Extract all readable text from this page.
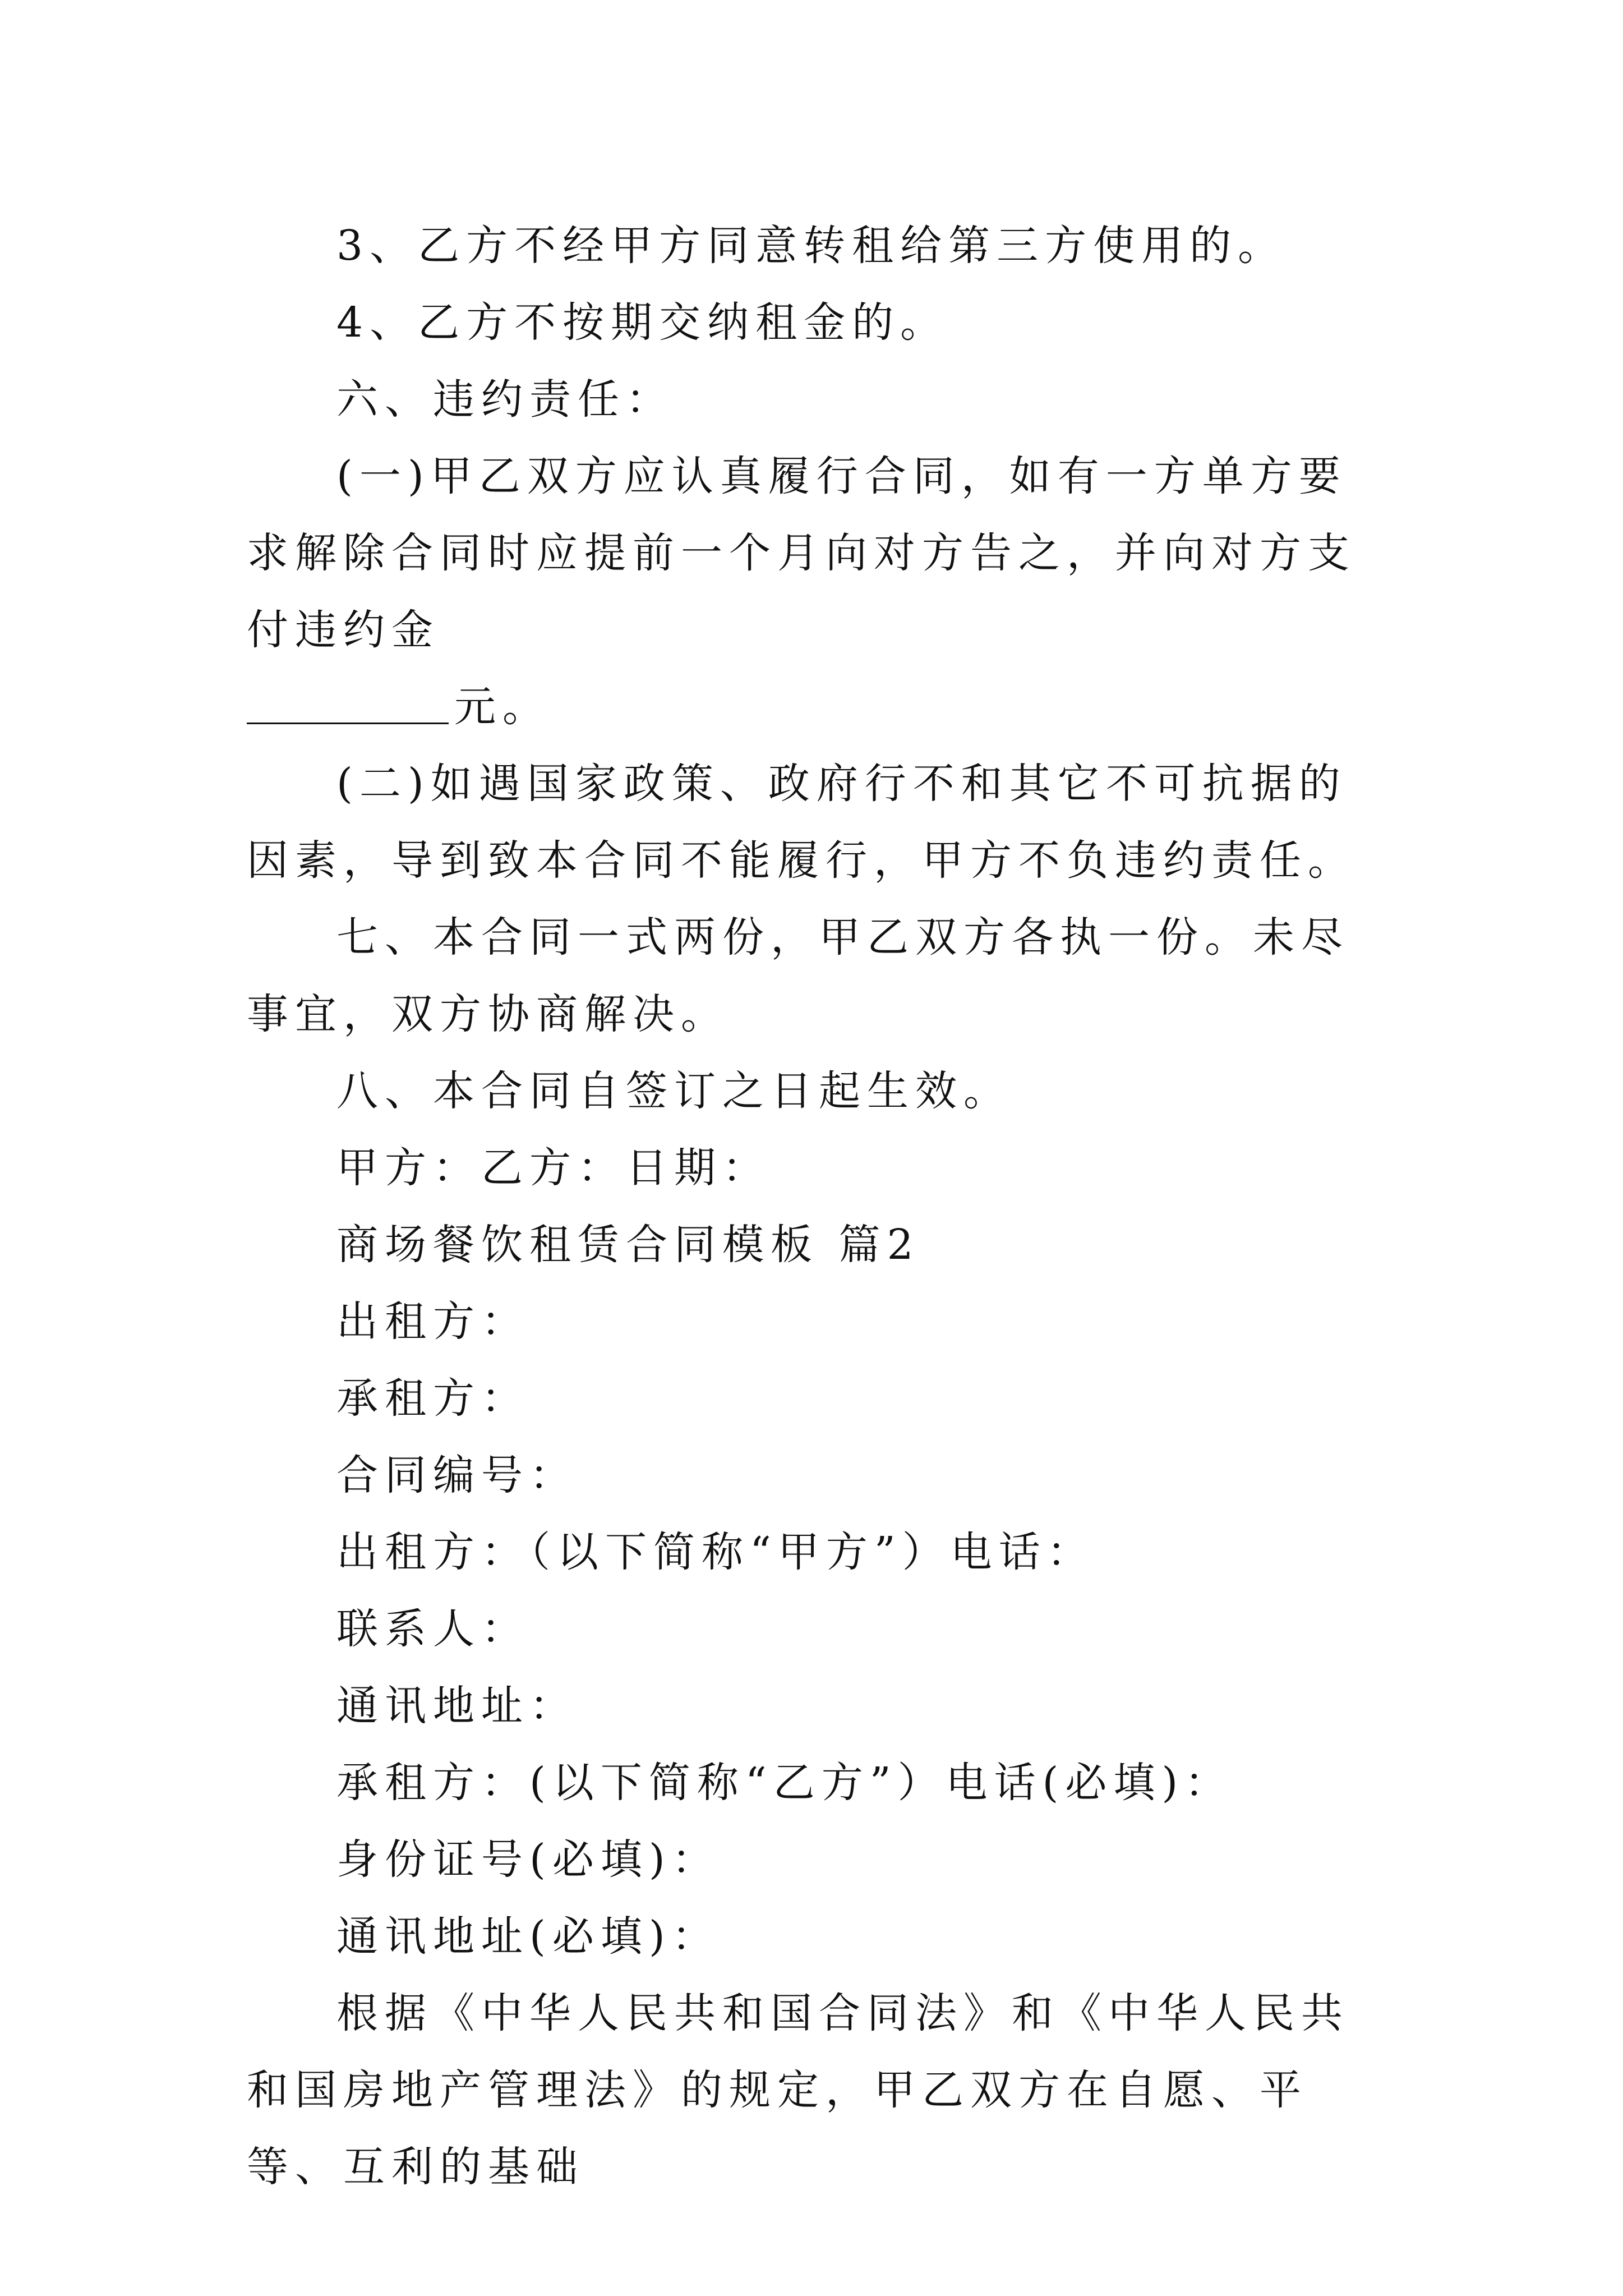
3、乙方不经甲方同意转租给第三方使用的。

4、乙方不按期交纳租金的。

六、违约责任：

(一)甲乙双方应认真履行合同，如有一方单方要求解除合同时应提前一个月向对方告之，并向对方支付违约金

元。

(二)如遇国家政策、政府行不和其它不可抗据的因素，导到致本合同不能履行，甲方不负违约责任。

七、本合同一式两份，甲乙双方各执一份。未尽事宜，双方协商解决。

八、本合同自签订之日起生效。

甲方：乙方：日期：

商场餐饮租赁合同模板 篇2

出租方：

承租方：

合同编号：

出租方：（以下简称“甲方”）电话：

联系人：

通讯地址：

承租方：(以下简称“乙方”）电话(必填)：

身份证号(必填)：

通讯地址(必填)：

根据《中华人民共和国合同法》和《中华人民共和国房地产管理法》的规定，甲乙双方在自愿、平等、互利的基础
